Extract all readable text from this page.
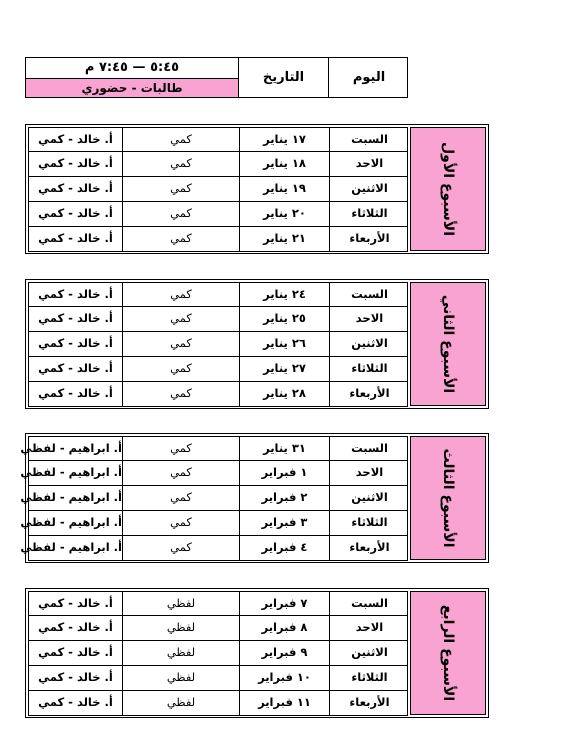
٥:٤٥ — ٧:٤٥ م
طالبات - حضوري
التاريخ	اليوم
الأسبوع الأول
أ. خالد - كمي	كمي	١٧ يناير	السبت
أ. خالد - كمي	كمي	١٨ يناير	الاحد
أ. خالد - كمي	كمي	١٩ يناير	الاثنين
أ. خالد - كمي	كمي	٢٠ يناير	الثلاثاء
أ. خالد - كمي	كمي	٢١ يناير	الأربعاء
الأسبوع الثاني
أ. خالد - كمي	كمي	٢٤ يناير	السبت
أ. خالد - كمي	كمي	٢٥ يناير	الاحد
أ. خالد - كمي	كمي	٢٦ يناير	الاثنين
أ. خالد - كمي	كمي	٢٧ يناير	الثلاثاء
أ. خالد - كمي	كمي	٢٨ يناير	الأربعاء
الأسبوع الثالث
أ. ابراهيم - لفظي	كمي	٣١ يناير	السبت
أ. ابراهيم - لفظي	كمي	١ فبراير	الاحد
أ. ابراهيم - لفظي	كمي	٢ فبراير	الاثنين
أ. ابراهيم - لفظي	كمي	٣ فبراير	الثلاثاء
أ. ابراهيم - لفظي	كمي	٤ فبراير	الأربعاء
الأسبوع الرابع
أ. خالد - كمي	لفظي	٧ فبراير	السبت
أ. خالد - كمي	لفظي	٨ فبراير	الاحد
أ. خالد - كمي	لفظي	٩ فبراير	الاثنين
أ. خالد - كمي	لفظي	١٠ فبراير	الثلاثاء
أ. خالد - كمي	لفظي	١١ فبراير	الأربعاء
